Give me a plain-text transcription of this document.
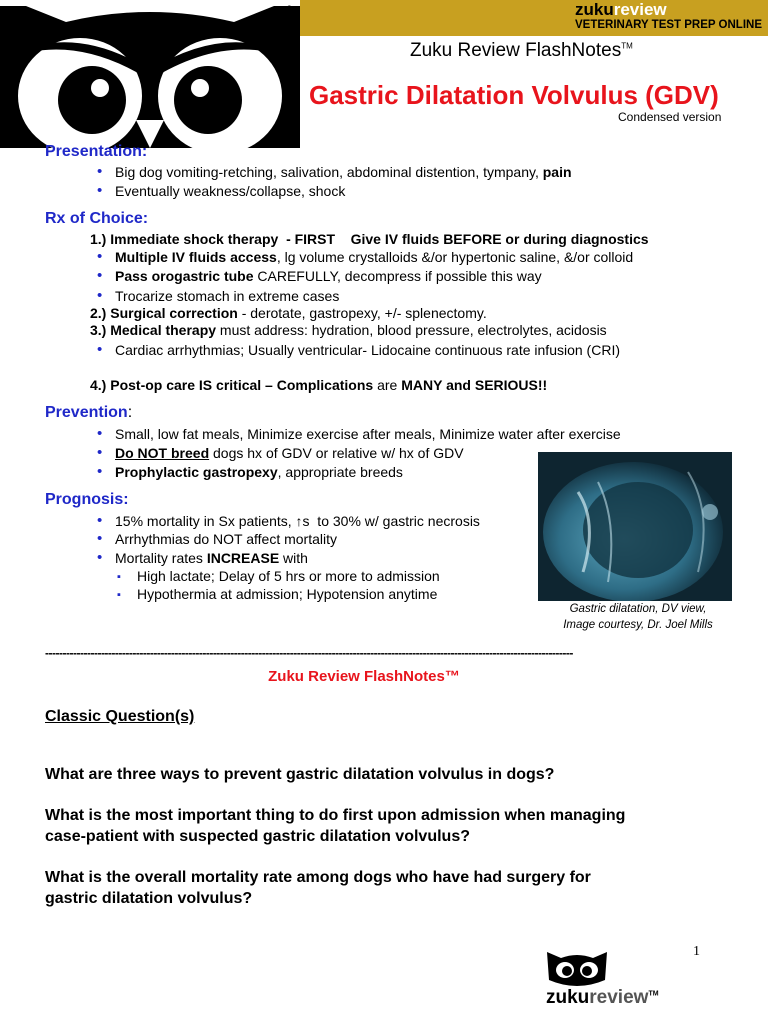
®	zukureview
VETERINARY TEST PREP ONLINE
Zuku Review FlashNotes™
Gastric Dilatation Volvulus (GDV)
Condensed version
Presentation:
• Big dog vomiting-retching, salivation, abdominal distention, tympany, pain
• Eventually weakness/collapse, shock
Rx of Choice:
1.) Immediate shock therapy  - FIRST    Give IV fluids BEFORE or during diagnostics
• Multiple IV fluids access, lg volume crystalloids &/or hypertonic saline, &/or colloid
• Pass orogastric tube CAREFULLY, decompress if possible this way
• Trocarize stomach in extreme cases
2.) Surgical correction - derotate, gastropexy, +/- splenectomy.
3.) Medical therapy must address: hydration, blood pressure, electrolytes, acidosis
• Cardiac arrhythmias; Usually ventricular- Lidocaine continuous rate infusion (CRI)
4.) Post-op care IS critical – Complications are MANY and SERIOUS!!
Prevention:
• Small, low fat meals, Minimize exercise after meals, Minimize water after exercise
• Do NOT breed dogs hx of GDV or relative w/ hx of GDV
• Prophylactic gastropexy, appropriate breeds
Prognosis:
• 15% mortality in Sx patients, ↑s  to 30% w/ gastric necrosis
• Arrhythmias do NOT affect mortality
• Mortality rates INCREASE with
▪ High lactate; Delay of 5 hrs or more to admission
▪ Hypothermia at admission; Hypotension anytime
Gastric dilatation, DV view,
Image courtesy, Dr. Joel Mills
-------------------------------------------------------------------------------------------------------------------------------------------------------
Zuku Review FlashNotes™
Classic Question(s)
What are three ways to prevent gastric dilatation volvulus in dogs?
What is the most important thing to do first upon admission when managing
case-patient with suspected gastric dilatation volvulus?
What is the overall mortality rate among dogs who have had surgery for
gastric dilatation volvulus?
1
zukureview™
